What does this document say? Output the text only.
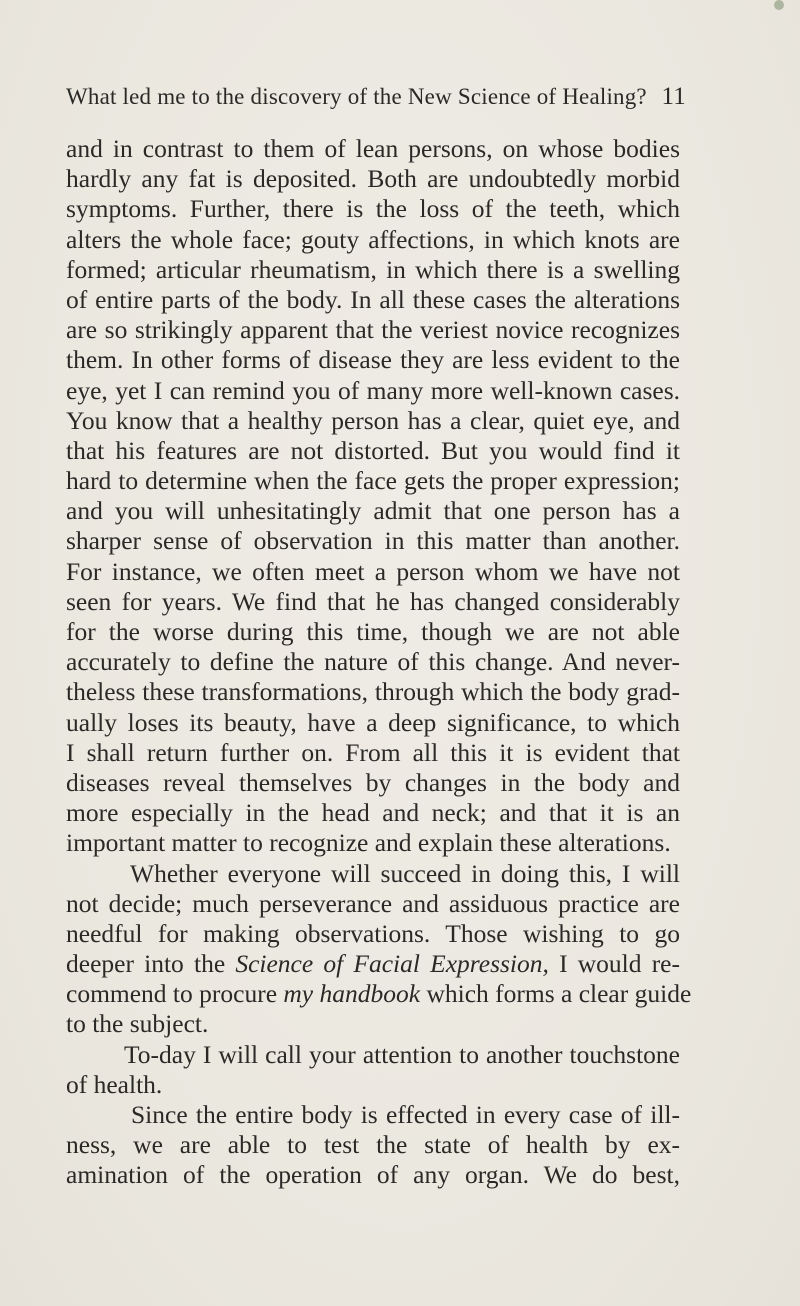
What led me to the discovery of the New Science of Healing? 11
and in contrast to them of lean persons, on whose bodies
hardly any fat is deposited. Both are undoubtedly morbid
symptoms. Further, there is the loss of the teeth, which
alters the whole face; gouty affections, in which knots are
formed; articular rheumatism, in which there is a swelling
of entire parts of the body. In all these cases the alterations
are so strikingly apparent that the veriest novice recognizes
them. In other forms of disease they are less evident to the
eye, yet I can remind you of many more well-known cases.
You know that a healthy person has a clear, quiet eye, and
that his features are not distorted. But you would find it
hard to determine when the face gets the proper expression;
and you will unhesitatingly admit that one person has a
sharper sense of observation in this matter than another.
For instance, we often meet a person whom we have not
seen for years. We find that he has changed considerably
for the worse during this time, though we are not able
accurately to define the nature of this change. And never-
theless these transformations, through which the body grad-
ually loses its beauty, have a deep significance, to which
I shall return further on. From all this it is evident that
diseases reveal themselves by changes in the body and
more especially in the head and neck; and that it is an
important matter to recognize and explain these alterations.
Whether everyone will succeed in doing this, I will
not decide; much perseverance and assiduous practice are
needful for making observations. Those wishing to go
deeper into the Science of Facial Expression, I would re-
commend to procure my handbook which forms a clear guide
to the subject.
To-day I will call your attention to another touchstone
of health.
Since the entire body is effected in every case of ill-
ness, we are able to test the state of health by ex-
amination of the operation of any organ. We do best,
